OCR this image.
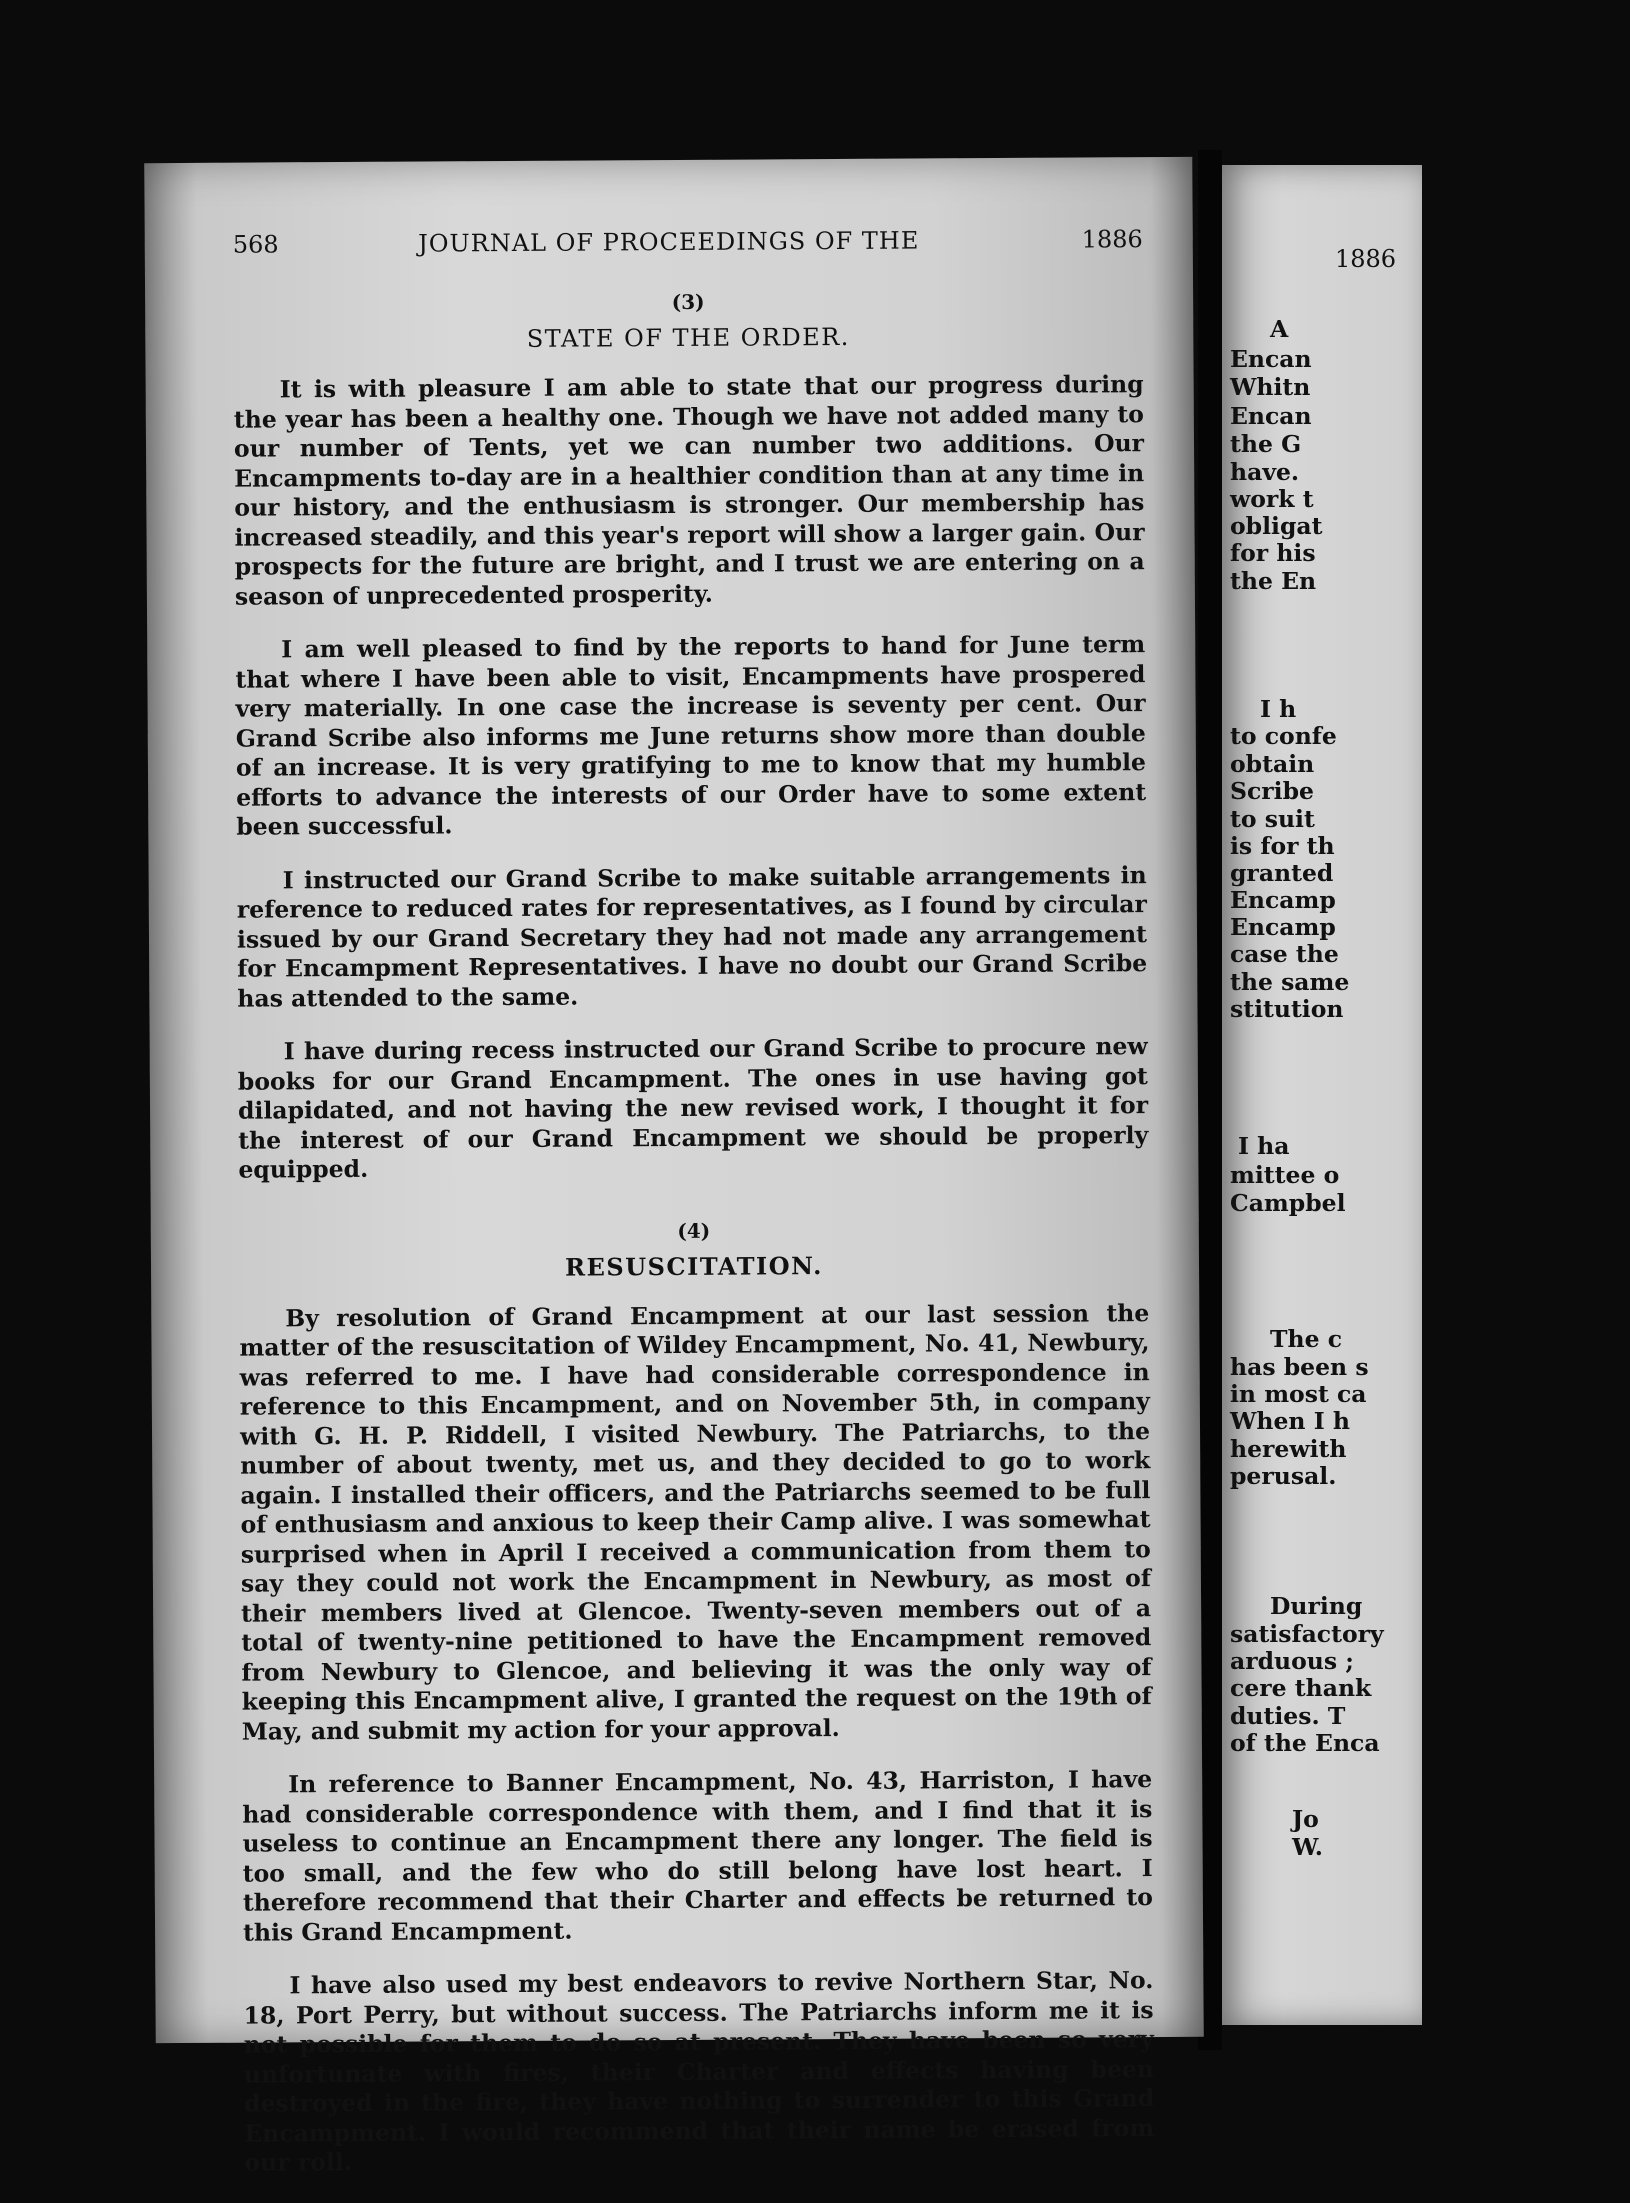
568	JOURNAL OF PROCEEDINGS OF THE	1886
(3)
STATE OF THE ORDER.

It is with pleasure I am able to state that our progress during the year has been a healthy one. Though we have not added many to our number of Tents, yet we can number two additions. Our Encampments to-day are in a healthier condition than at any time in our history, and the enthusiasm is stronger. Our membership has increased steadily, and this year's report will show a larger gain. Our prospects for the future are bright, and I trust we are entering on a season of unprecedented prosperity.

I am well pleased to find by the reports to hand for June term that where I have been able to visit, Encampments have prospered very materially. In one case the increase is seventy per cent. Our Grand Scribe also informs me June returns show more than double of an increase. It is very gratifying to me to know that my humble efforts to advance the interests of our Order have to some extent been successful.

I instructed our Grand Scribe to make suitable arrangements in reference to reduced rates for representatives, as I found by circular issued by our Grand Secretary they had not made any arrangement for Encampment Representatives. I have no doubt our Grand Scribe has attended to the same.

I have during recess instructed our Grand Scribe to procure new books for our Grand Encampment. The ones in use having got dilapidated, and not having the new revised work, I thought it for the interest of our Grand Encampment we should be properly equipped.

(4)
RESUSCITATION.

By resolution of Grand Encampment at our last session the matter of the resuscitation of Wildey Encampment, No. 41, Newbury, was referred to me. I have had considerable correspondence in reference to this Encampment, and on November 5th, in company with G. H. P. Riddell, I visited Newbury. The Patriarchs, to the number of about twenty, met us, and they decided to go to work again. I installed their officers, and the Patriarchs seemed to be full of enthusiasm and anxious to keep their Camp alive. I was somewhat surprised when in April I received a communication from them to say they could not work the Encampment in Newbury, as most of their members lived at Glencoe. Twenty-seven members out of a total of twenty-nine petitioned to have the Encampment removed from Newbury to Glencoe, and believing it was the only way of keeping this Encampment alive, I granted the request on the 19th of May, and submit my action for your approval.

In reference to Banner Encampment, No. 43, Harriston, I have had considerable correspondence with them, and I find that it is useless to continue an Encampment there any longer. The field is too small, and the few who do still belong have lost heart. I therefore recommend that their Charter and effects be returned to this Grand Encampment.

I have also used my best endeavors to revive Northern Star, No. 18, Port Perry, but without success. The Patriarchs inform me it is not possible for them to do so at present. They have been so very unfortunate with fires, their Charter and effects having been destroyed in the fire, they have nothing to surrender to this Grand Encampment. I would recommend that their name be erased from our roll.

1886
A
Encan
Whitn
Encan
the G
have.
work t
obligat
for his
the En
I h
to confe
obtain
Scribe
to suit
is for th
granted
Encamp
Encamp
case the
the same
stitution
I ha
mittee o
Campbel
The c
has been s
in most ca
When I h
herewith
perusal.
During
satisfactory
arduous ;
cere thank
duties. T
of the Enca
Jo
W.
